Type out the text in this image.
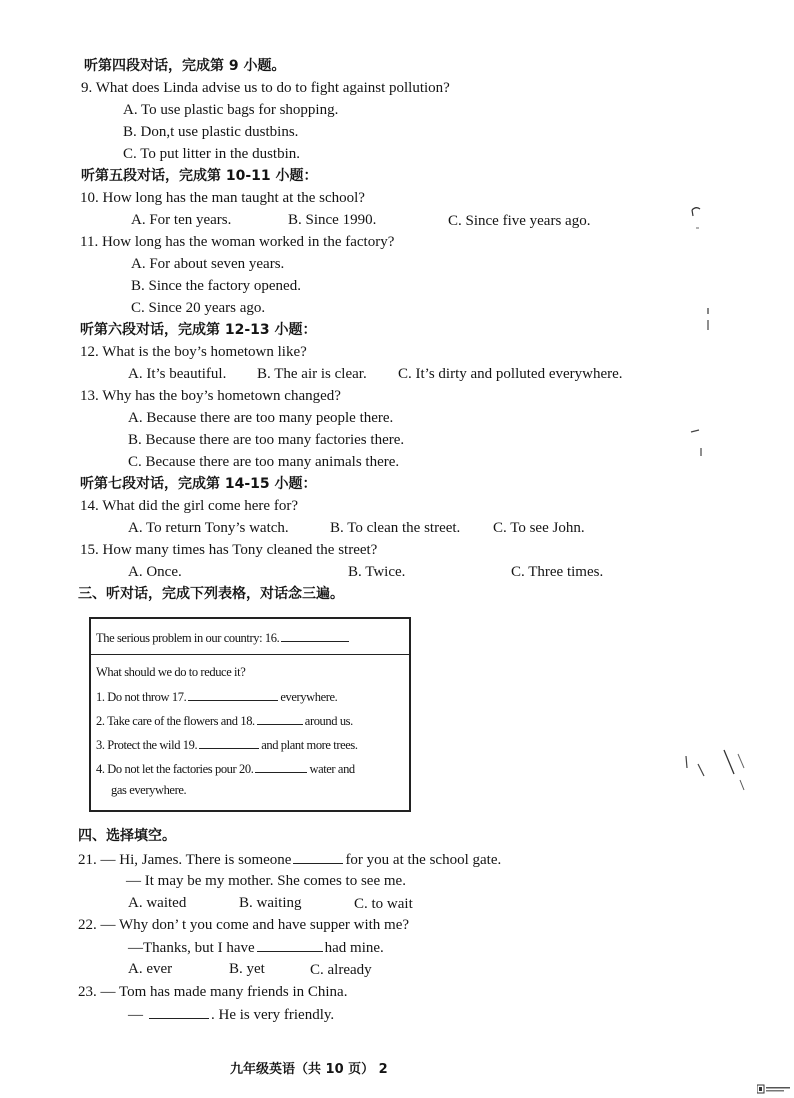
听第四段对话，完成第 9 小题。
9. What does Linda advise us to do to fight against pollution?
A. To use plastic bags for shopping.
B. Don,t use plastic dustbins.
C. To put litter in the dustbin.
听第五段对话，完成第 10-11 小题：
10. How long has the man taught at the school?
A. For ten years.	B. Since 1990.	C. Since five years ago.
11. How long has the woman worked in the factory?
A. For about seven years.
B. Since the factory opened.
C. Since 20 years ago.
听第六段对话，完成第 12-13 小题：
12. What is the boy’s hometown like?
A. It’s beautiful. B. The air is clear. C. It’s dirty and polluted everywhere.
13. Why has the boy’s hometown changed?
A. Because there are too many people there.
B. Because there are too many factories there.
C. Because there are too many animals there.
听第七段对话，完成第 14-15 小题：
14. What did the girl come here for?
A. To return Tony’s watch.	B. To clean the street. C. To see John.
15. How many times has Tony cleaned the street?
A. Once.	B. Twice.	C. Three times.
三、听对话，完成下列表格，对话念三遍。
The serious problem in our country: 16.
What should we do to reduce it?
1. Do not throw 17.	everywhere.
2. Take care of the flowers and 18.	around us.
3. Protect the wild 19.	and plant more trees.
4. Do not let the factories pour 20.	water and
gas everywhere.
四、选择填空。
21. — Hi, James. There is someone	for you at the school gate.
— It may be my mother. She comes to see me.
A. waited	B. waiting	C. to wait
22. — Why don’ t you come and have supper with me?
—Thanks, but I have	had mine.
A. ever	B. yet	C. already
23. — Tom has made many friends in China.
—	. He is very friendly.
九年级英语（共 10 页） 2
